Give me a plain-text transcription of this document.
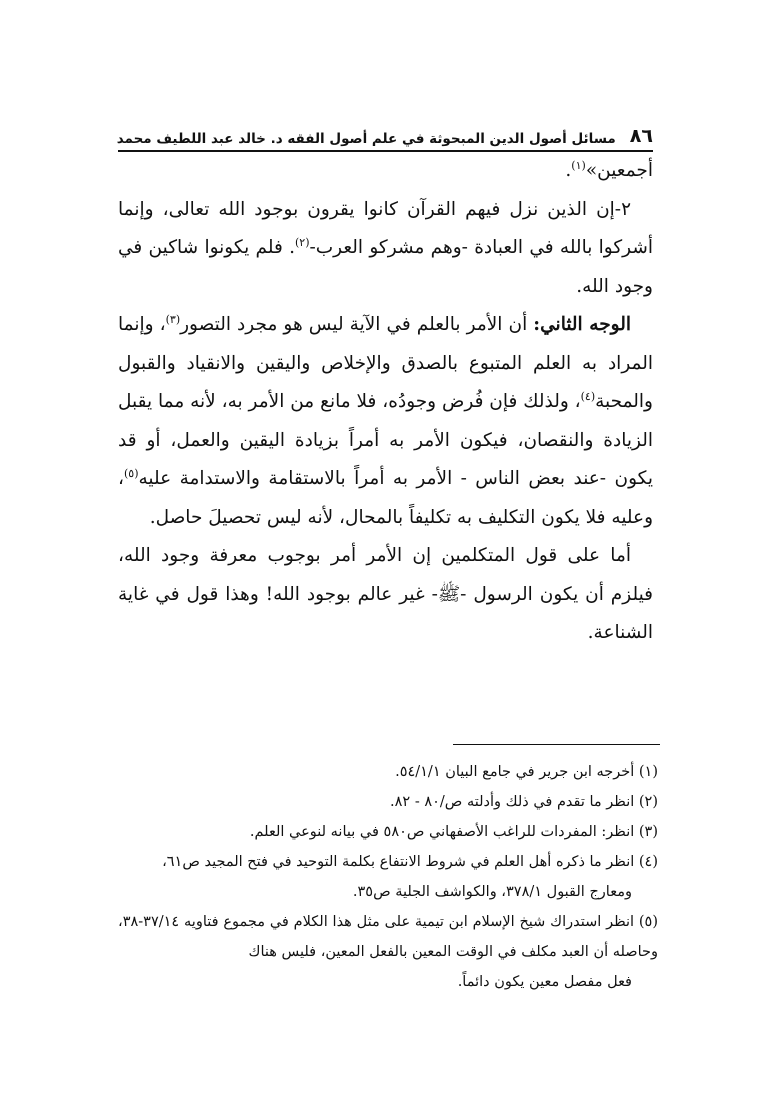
٨٦
مسائل أصول الدين المبحوثة في علم أصول الفقه د. خالد عبد اللطيف محمد

أجمعين»$^{(١)}$.

٢-إن الذين نزل فيهم القرآن كانوا يقرون بوجود الله تعالى، وإنما أشركوا بالله في العبادة -وهم مشركو العرب-$^{(٢)}$. فلم يكونوا شاكين في وجود الله.

الوجه الثاني: أن الأمر بالعلم في الآية ليس هو مجرد التصور$^{(٣)}$، وإنما المراد به العلم المتبوع بالصدق والإخلاص واليقين والانقياد والقبول والمحبة$^{(٤)}$، ولذلك فإن فُرض وجودُه، فلا مانع من الأمر به، لأنه مما يقبل الزيادة والنقصان، فيكون الأمر به أمراً بزيادة اليقين والعمل، أو قد يكون -عند بعض الناس - الأمر به أمراً بالاستقامة والاستدامة عليه$^{(٥)}$، وعليه فلا يكون التكليف به تكليفاً بالمحال، لأنه ليس تحصيلَ حاصل.

أما على قول المتكلمين إن الأمر أمر بوجوب معرفة وجود الله، فيلزم أن يكون الرسول -ﷺ- غير عالم بوجود الله! وهذا قول في غاية الشناعة.

(١) أخرجه ابن جرير في جامع البيان ٥٤/١/١.

(٢) انظر ما تقدم في ذلك وأدلته ص/٨٠ - ٨٢.

(٣) انظر: المفردات للراغب الأصفهاني ص٥٨٠ في بيانه لنوعي العلم.

(٤) انظر ما ذكره أهل العلم في شروط الانتفاع بكلمة التوحيد في فتح المجيد ص٦١،
ومعارج القبول ٣٧٨/١، والكواشف الجلية ص٣٥.

(٥) انظر استدراك شيخ الإسلام ابن تيمية على مثل هذا الكلام في مجموع فتاويه ٣٧/١٤-٣٨، وحاصله أن العبد مكلف في الوقت المعين بالفعل المعين، فليس هناك
فعل مفصل معين يكون دائماً.
